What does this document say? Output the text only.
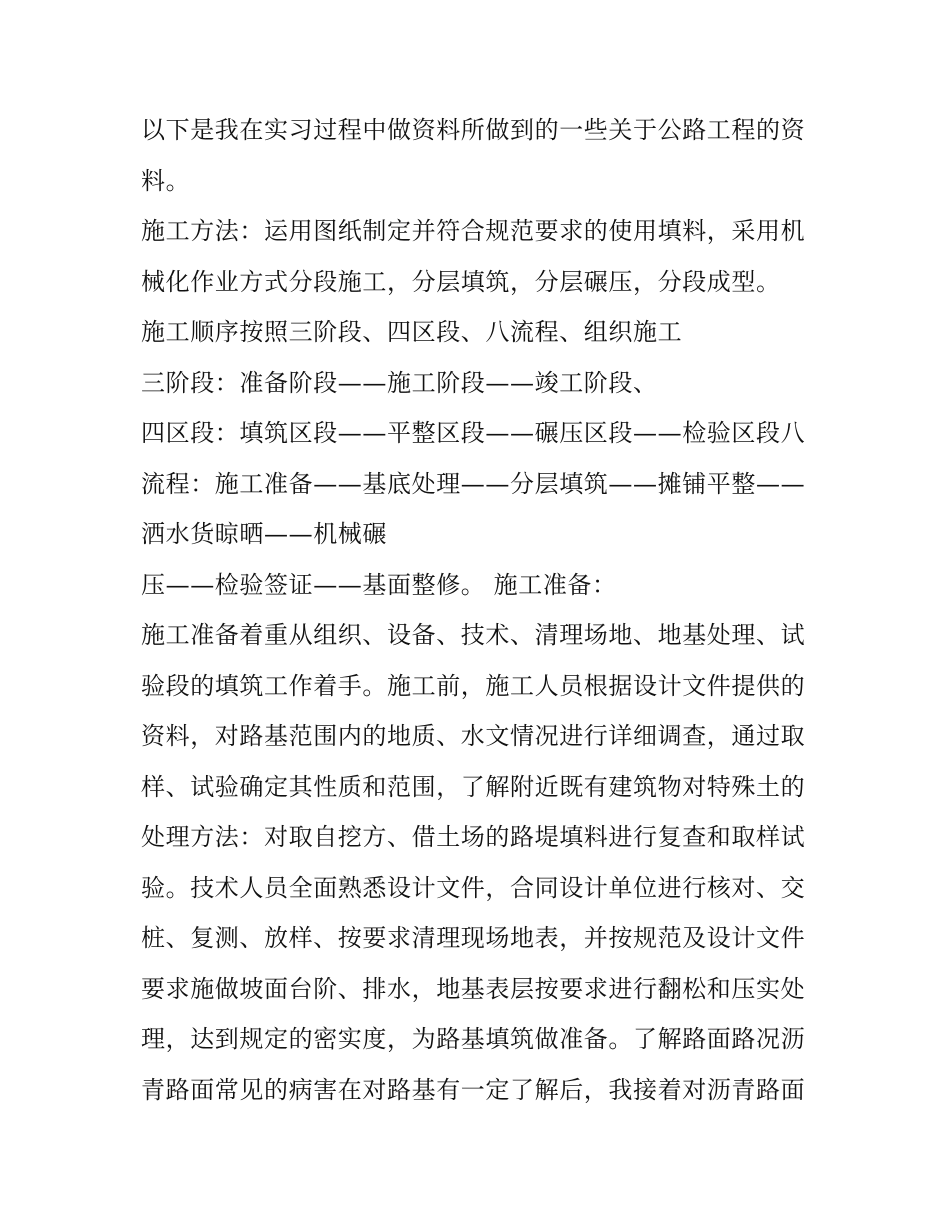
以下是我在实习过程中做资料所做到的一些关于公路工程的资
料。
施工方法：运用图纸制定并符合规范要求的使用填料，采用机
械化作业方式分段施工，分层填筑，分层碾压，分段成型。
施工顺序按照三阶段、四区段、八流程、组织施工
三阶段：准备阶段——施工阶段——竣工阶段、
四区段：填筑区段——平整区段——碾压区段——检验区段八
流程：施工准备——基底处理——分层填筑——摊铺平整——
洒水货晾晒——机械碾
压——检验签证——基面整修。 施工准备：
施工准备着重从组织、设备、技术、清理场地、地基处理、试
验段的填筑工作着手。施工前，施工人员根据设计文件提供的
资料，对路基范围内的地质、水文情况进行详细调查，通过取
样、试验确定其性质和范围，了解附近既有建筑物对特殊土的
处理方法：对取自挖方、借土场的路堤填料进行复查和取样试
验。技术人员全面熟悉设计文件，合同设计单位进行核对、交
桩、复测、放样、按要求清理现场地表，并按规范及设计文件
要求施做坡面台阶、排水，地基表层按要求进行翻松和压实处
理，达到规定的密实度，为路基填筑做准备。了解路面路况沥
青路面常见的病害在对路基有一定了解后，我接着对沥青路面
